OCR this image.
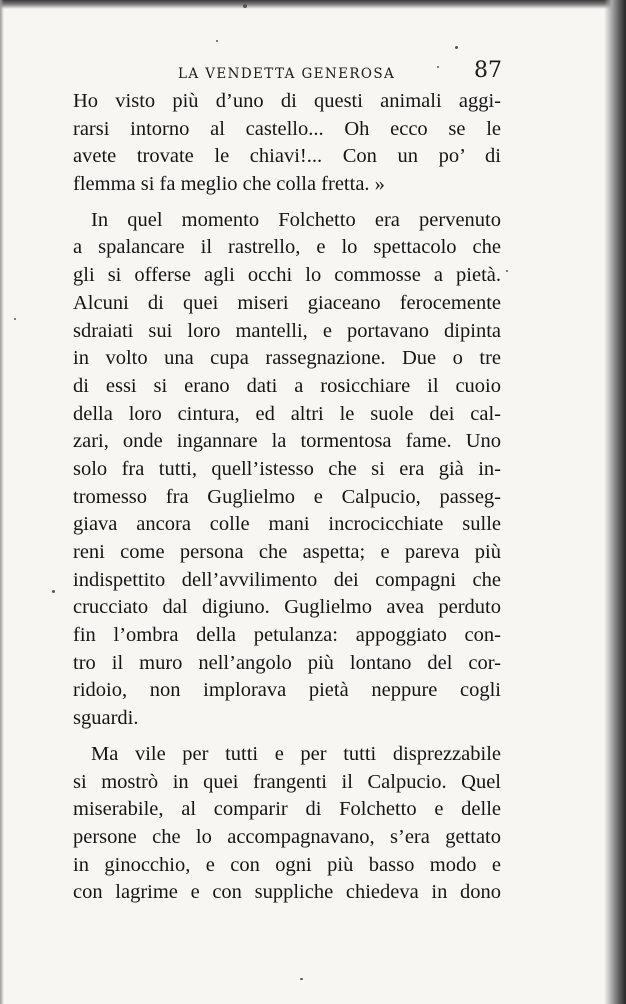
LA VENDETTA GENEROSA	87
Ho visto più d’uno di questi animali aggi-
rarsi intorno al castello... Oh ecco se le
avete trovate le chiavi!... Con un po’ di
flemma si fa meglio che colla fretta. »
In quel momento Folchetto era pervenuto
a spalancare il rastrello, e lo spettacolo che
gli si offerse agli occhi lo commosse a pietà.
Alcuni di quei miseri giaceano ferocemente
sdraiati sui loro mantelli, e portavano dipinta
in volto una cupa rassegnazione. Due o tre
di essi si erano dati a rosicchiare il cuoio
della loro cintura, ed altri le suole dei cal-
zari, onde ingannare la tormentosa fame. Uno
solo fra tutti, quell’istesso che si era già in-
tromesso fra Guglielmo e Calpucio, passeg-
giava ancora colle mani incrocicchiate sulle
reni come persona che aspetta; e pareva più
indispettito dell’avvilimento dei compagni che
crucciato dal digiuno. Guglielmo avea perduto
fin l’ombra della petulanza: appoggiato con-
tro il muro nell’angolo più lontano del cor-
ridoio, non implorava pietà neppure cogli
sguardi.
Ma vile per tutti e per tutti disprezzabile
si mostrò in quei frangenti il Calpucio. Quel
miserabile, al comparir di Folchetto e delle
persone che lo accompagnavano, s’era gettato
in ginocchio, e con ogni più basso modo e
con lagrime e con suppliche chiedeva in dono
